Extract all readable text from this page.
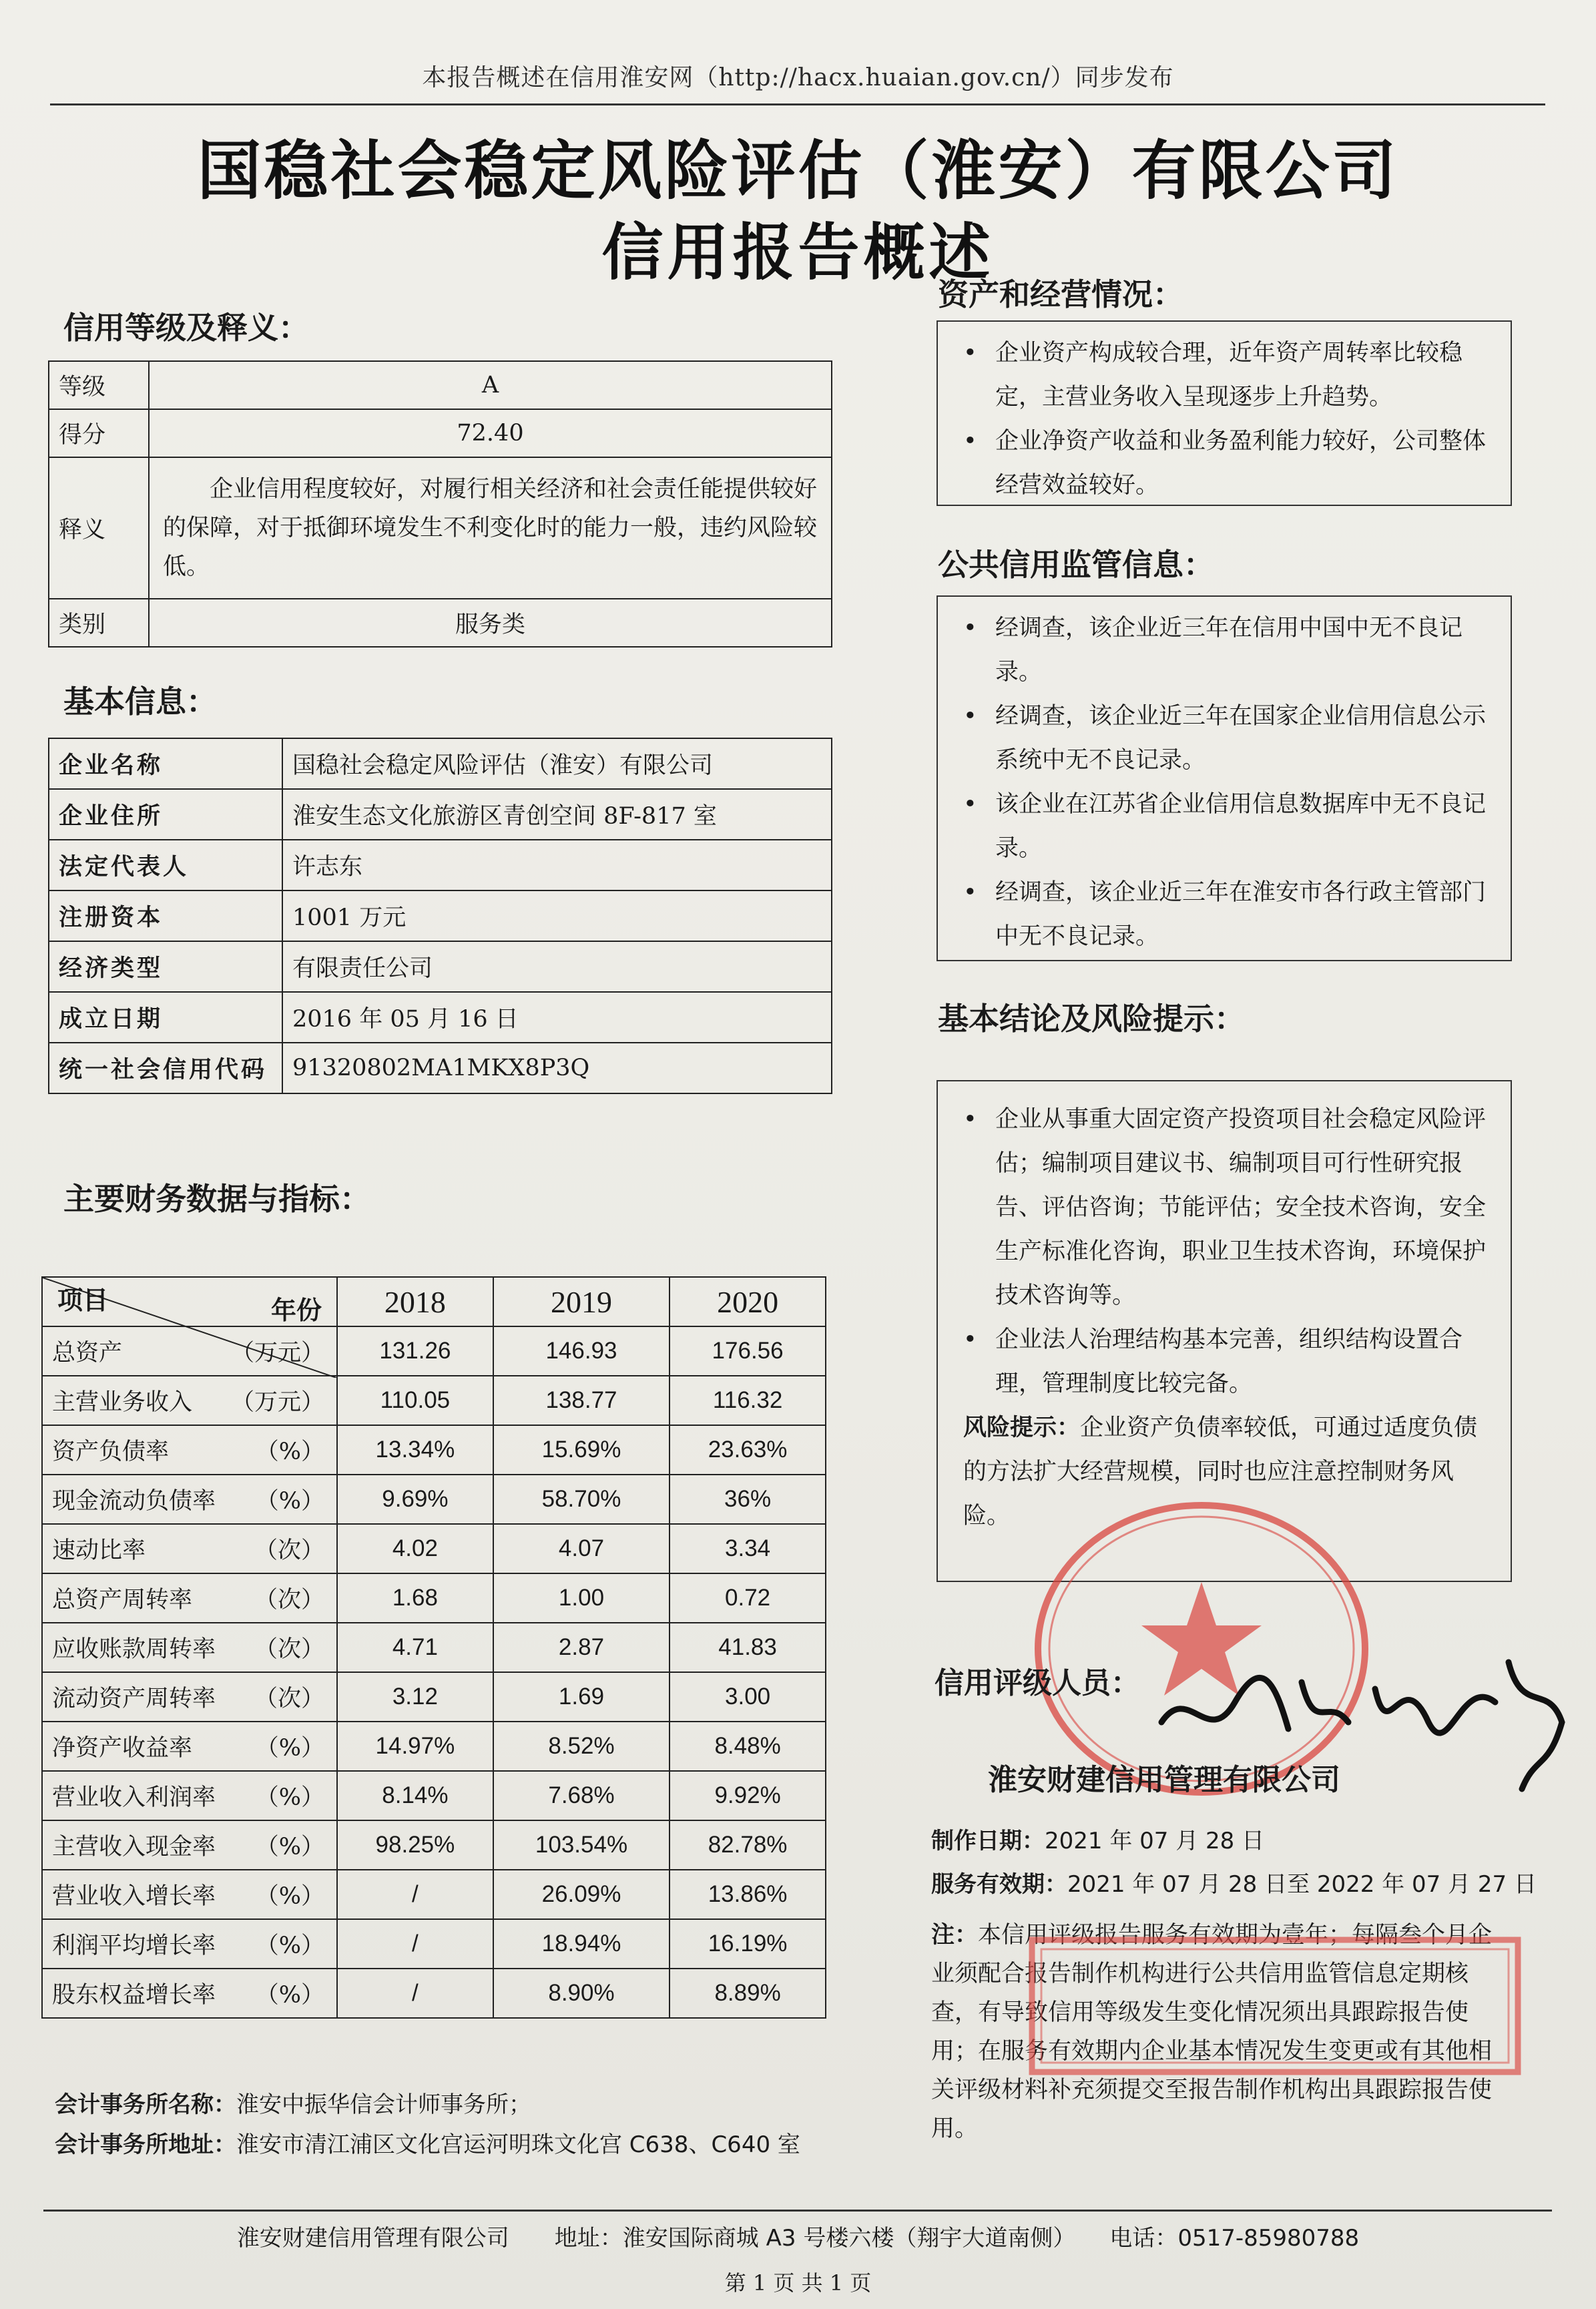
本报告概述在信用淮安网（http://hacx.huaian.gov.cn/）同步发布
国稳社会稳定风险评估（淮安）有限公司
信用报告概述
信用等级及释义：
等级	A
得分	72.40
释义	企业信用程度较好，对履行相关经济和社会责任能提供较好的保障，对于抵御环境发生不利变化时的能力一般，违约风险较低。
类别	服务类
基本信息：
企业名称	国稳社会稳定风险评估（淮安）有限公司
企业住所	淮安生态文化旅游区青创空间 8F-817 室
法定代表人	许志东
注册资本	1001 万元
经济类型	有限责任公司
成立日期	2016 年 05 月 16 日
统一社会信用代码	91320802MA1MKX8P3Q
主要财务数据与指标：
年份
项目	2018	2019	2020
总资产 （万元）	131.26	146.93	176.56
主营业务收入 （万元）	110.05	138.77	116.32
资产负债率 （%）	13.34%	15.69%	23.63%
现金流动负债率 （%）	9.69%	58.70%	36%
速动比率 （次）	4.02	4.07	3.34
总资产周转率 （次）	1.68	1.00	0.72
应收账款周转率 （次）	4.71	2.87	41.83
流动资产周转率 （次）	3.12	1.69	3.00
净资产收益率 （%）	14.97%	8.52%	8.48%
营业收入利润率 （%）	8.14%	7.68%	9.92%
主营收入现金率 （%）	98.25%	103.54%	82.78%
营业收入增长率 （%）	/	26.09%	13.86%
利润平均增长率 （%）	/	18.94%	16.19%
股东权益增长率 （%）	/	8.90%	8.89%
会计事务所名称：淮安中振华信会计师事务所；
会计事务所地址：淮安市清江浦区文化宫运河明珠文化宫 C638、C640 室
资产和经营情况：
• 企业资产构成较合理，近年资产周转率比较稳定，主营业务收入呈现逐步上升趋势。
• 企业净资产收益和业务盈利能力较好，公司整体经营效益较好。
公共信用监管信息：
• 经调查，该企业近三年在信用中国中无不良记录。
• 经调查，该企业近三年在国家企业信用信息公示系统中无不良记录。
• 该企业在江苏省企业信用信息数据库中无不良记录。
• 经调查，该企业近三年在淮安市各行政主管部门中无不良记录。
基本结论及风险提示：
• 企业从事重大固定资产投资项目社会稳定风险评估；编制项目建议书、编制项目可行性研究报告、评估咨询；节能评估；安全技术咨询，安全生产标准化咨询，职业卫生技术咨询，环境保护技术咨询等。
• 企业法人治理结构基本完善，组织结构设置合理，管理制度比较完备。
风险提示：企业资产负债率较低，可通过适度负债的方法扩大经营规模，同时也应注意控制财务风险。
信用评级人员：
淮安财建信用管理有限公司
制作日期：2021 年 07 月 28 日
服务有效期：2021 年 07 月 28 日至 2022 年 07 月 27 日
注：本信用评级报告服务有效期为壹年；每隔叁个月企业须配合报告制作机构进行公共信用监管信息定期核查，有导致信用等级发生变化情况须出具跟踪报告使用；在服务有效期内企业基本情况发生变更或有其他相关评级材料补充须提交至报告制作机构出具跟踪报告使用。
淮安财建信用管理有限公司　　地址：淮安国际商城 A3 号楼六楼（翔宇大道南侧）　　电话：0517-85980788
第 1 页 共 1 页
